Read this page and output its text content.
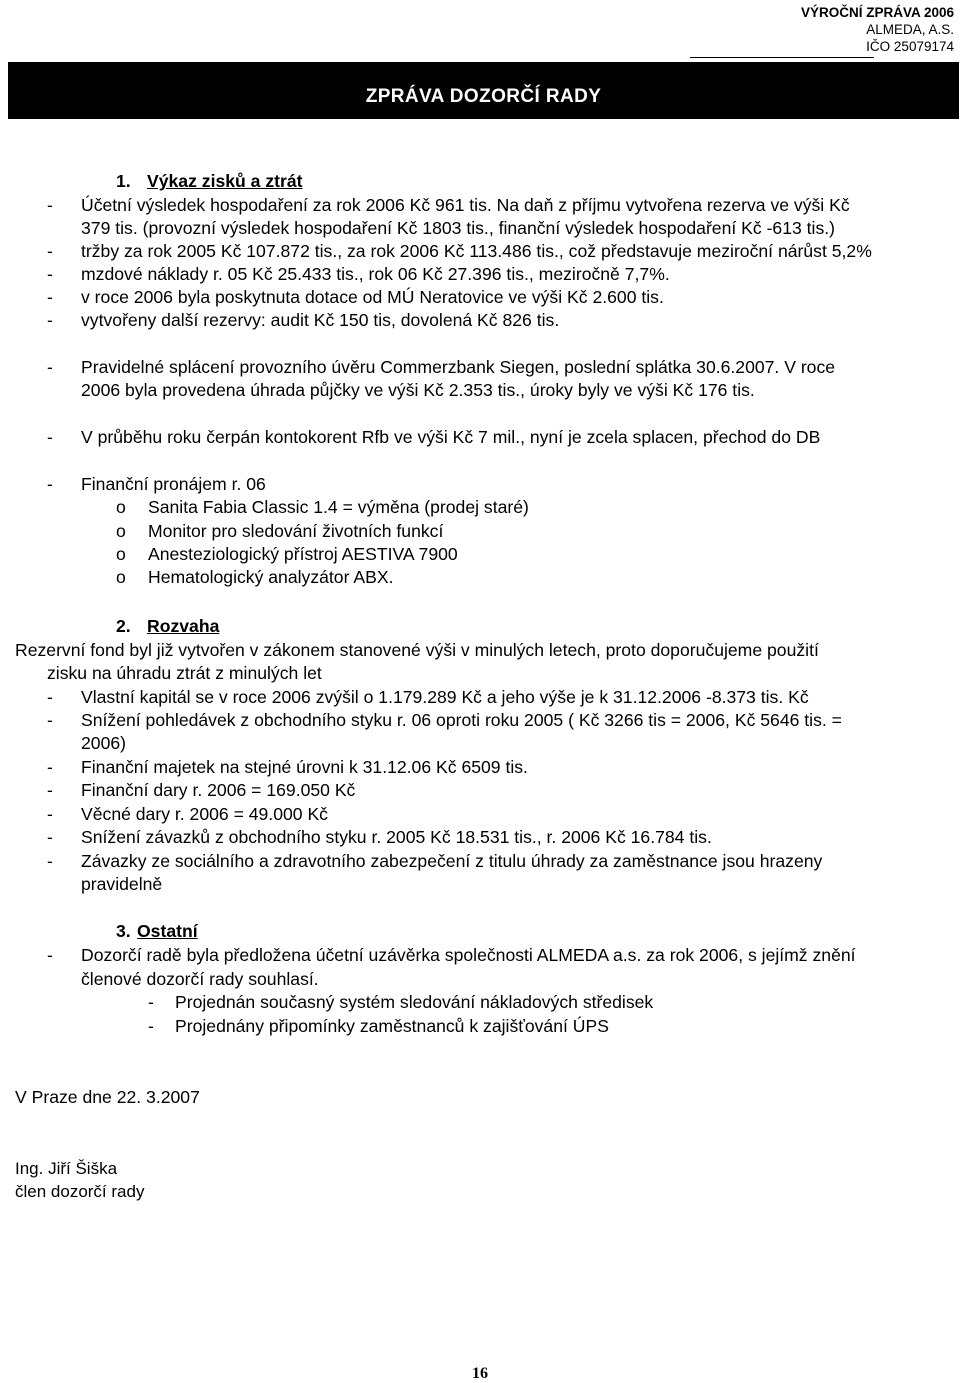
VÝROČNÍ ZPRÁVA 2006
ALMEDA, A.S.
IČO 25079174
ZPRÁVA DOZORČÍ RADY
1. Výkaz zisků a ztrát
- Účetní výsledek hospodaření za rok 2006 Kč 961 tis. Na daň z příjmu vytvořena rezerva ve výši Kč
379 tis. (provozní výsledek hospodaření Kč 1803 tis., finanční výsledek hospodaření Kč -613 tis.)
- tržby za rok 2005 Kč 107.872 tis., za rok 2006 Kč 113.486 tis., což představuje meziroční nárůst 5,2%
- mzdové náklady r. 05 Kč 25.433 tis., rok 06 Kč 27.396 tis., meziročně 7,7%.
- v roce 2006 byla poskytnuta dotace od MÚ Neratovice ve výši Kč 2.600 tis.
- vytvořeny další rezervy: audit Kč 150 tis, dovolená Kč 826 tis.
- Pravidelné splácení provozního úvěru Commerzbank Siegen, poslední splátka 30.6.2007. V roce
2006 byla provedena úhrada půjčky ve výši Kč 2.353 tis., úroky byly ve výši Kč 176 tis.
- V průběhu roku čerpán kontokorent Rfb ve výši Kč 7 mil., nyní je zcela splacen, přechod do DB
- Finanční pronájem r. 06
o Sanita Fabia Classic 1.4 = výměna (prodej staré)
o Monitor pro sledování životních funkcí
o Anesteziologický přístroj AESTIVA 7900
o Hematologický analyzátor ABX.
2. Rozvaha
Rezervní fond byl již vytvořen v zákonem stanovené výši v minulých letech, proto doporučujeme použití
zisku na úhradu ztrát z minulých let
- Vlastní kapitál se v roce 2006 zvýšil o 1.179.289 Kč a jeho výše je k 31.12.2006 -8.373 tis. Kč
- Snížení pohledávek z obchodního styku r. 06 oproti roku 2005 ( Kč 3266 tis = 2006, Kč 5646 tis. =
2006)
- Finanční majetek na stejné úrovni k 31.12.06 Kč 6509 tis.
- Finanční dary r. 2006 = 169.050 Kč
- Věcné dary r. 2006 = 49.000 Kč
- Snížení závazků z obchodního styku r. 2005 Kč 18.531 tis., r. 2006 Kč 16.784 tis.
- Závazky ze sociálního a zdravotního zabezpečení z titulu úhrady za zaměstnance jsou hrazeny
pravidelně
3. Ostatní
- Dozorčí radě byla předložena účetní uzávěrka společnosti ALMEDA a.s. za rok 2006, s jejímž znění
členové dozorčí rady souhlasí.
- Projednán současný systém sledování nákladových středisek
- Projednány připomínky zaměstnanců k zajišťování ÚPS
V Praze dne 22. 3.2007
Ing. Jiří Šiška
člen dozorčí rady
16
